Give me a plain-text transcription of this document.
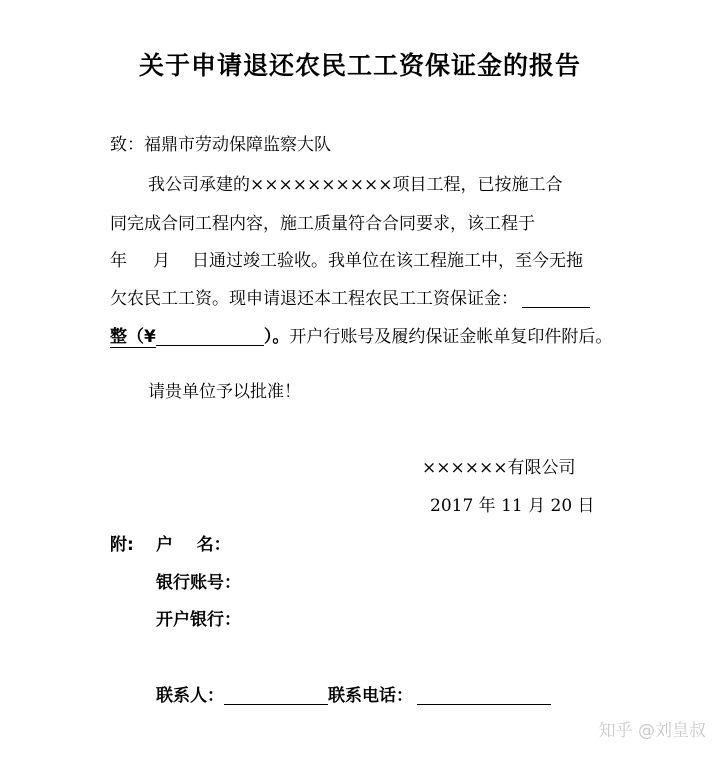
关于申请退还农民工工资保证金的报告
致：福鼎市劳动保障监察大队
我公司承建的××××××××××项目工程，已按施工合
同完成合同工程内容，施工质量符合合同要求，该工程于
年 月 日通过竣工验收。我单位在该工程施工中，至今无拖
欠农民工工资。现申请退还本工程农民工工资保证金：
整（¥	）。开户行账号及履约保证金帐单复印件附后。
请贵单位予以批准！
××××××有限公司
2017 年 11 月 20 日
附: 户    名：
银行账号：
开户银行：
联系人：	联系电话：
知乎 @刘皇叔
